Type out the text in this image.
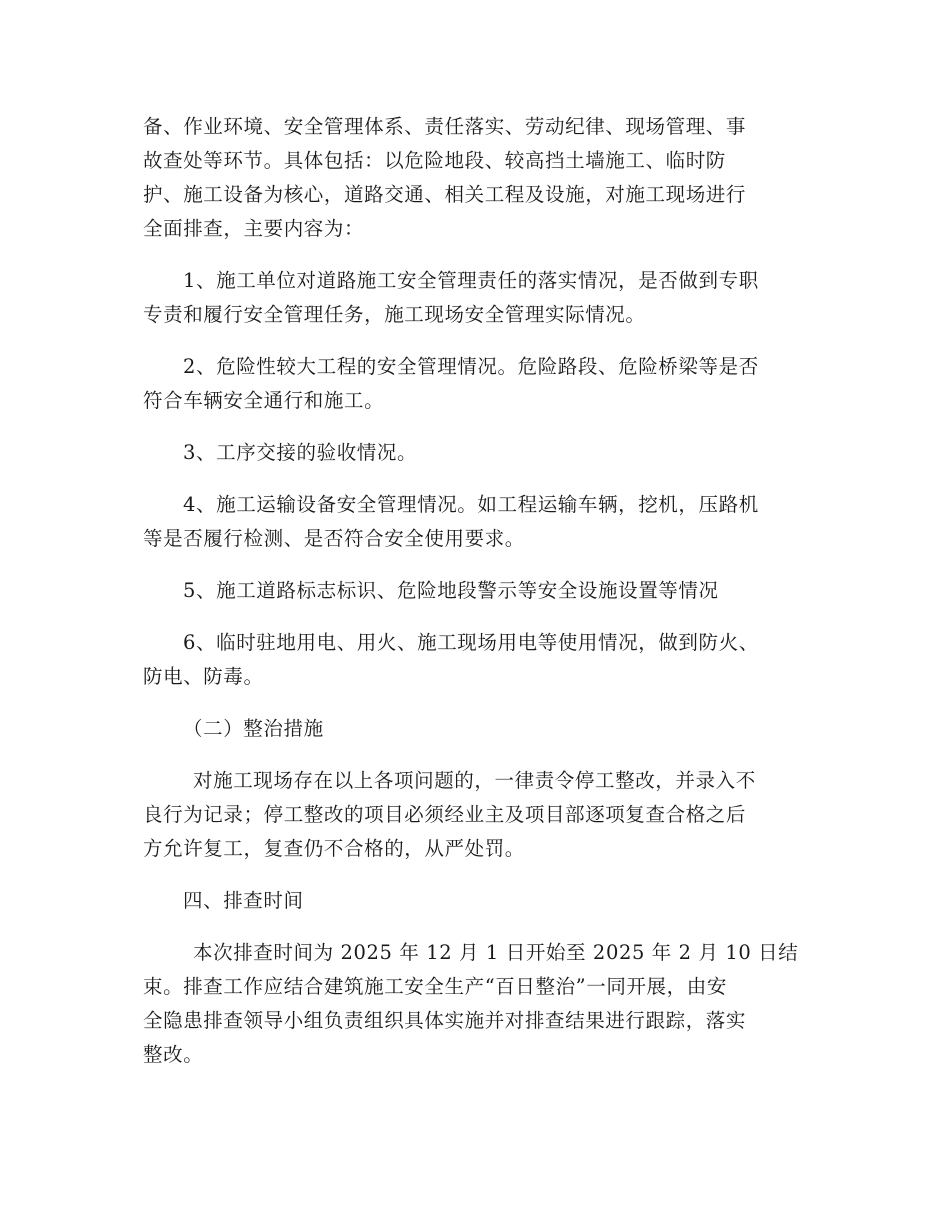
备、作业环境、安全管理体系、责任落实、劳动纪律、现场管理、事
故查处等环节。具体包括：以危险地段、较高挡土墙施工、临时防
护、施工设备为核心，道路交通、相关工程及设施，对施工现场进行
全面排查，主要内容为：
1、施工单位对道路施工安全管理责任的落实情况，是否做到专职
专责和履行安全管理任务，施工现场安全管理实际情况。
2、危险性较大工程的安全管理情况。危险路段、危险桥梁等是否
符合车辆安全通行和施工。
3、工序交接的验收情况。
4、施工运输设备安全管理情况。如工程运输车辆，挖机，压路机
等是否履行检测、是否符合安全使用要求。
5、施工道路标志标识、危险地段警示等安全设施设置等情况
6、临时驻地用电、用火、施工现场用电等使用情况，做到防火、
防电、防毒。
（二）整治措施
对施工现场存在以上各项问题的，一律责令停工整改，并录入不
良行为记录；停工整改的项目必须经业主及项目部逐项复查合格之后
方允许复工，复查仍不合格的，从严处罚。
四、排查时间
本次排查时间为 2025 年 12 月 1 日开始至 2025 年 2 月 10 日结
束。排查工作应结合建筑施工安全生产“百日整治”一同开展，由安
全隐患排查领导小组负责组织具体实施并对排查结果进行跟踪，落实
整改。
